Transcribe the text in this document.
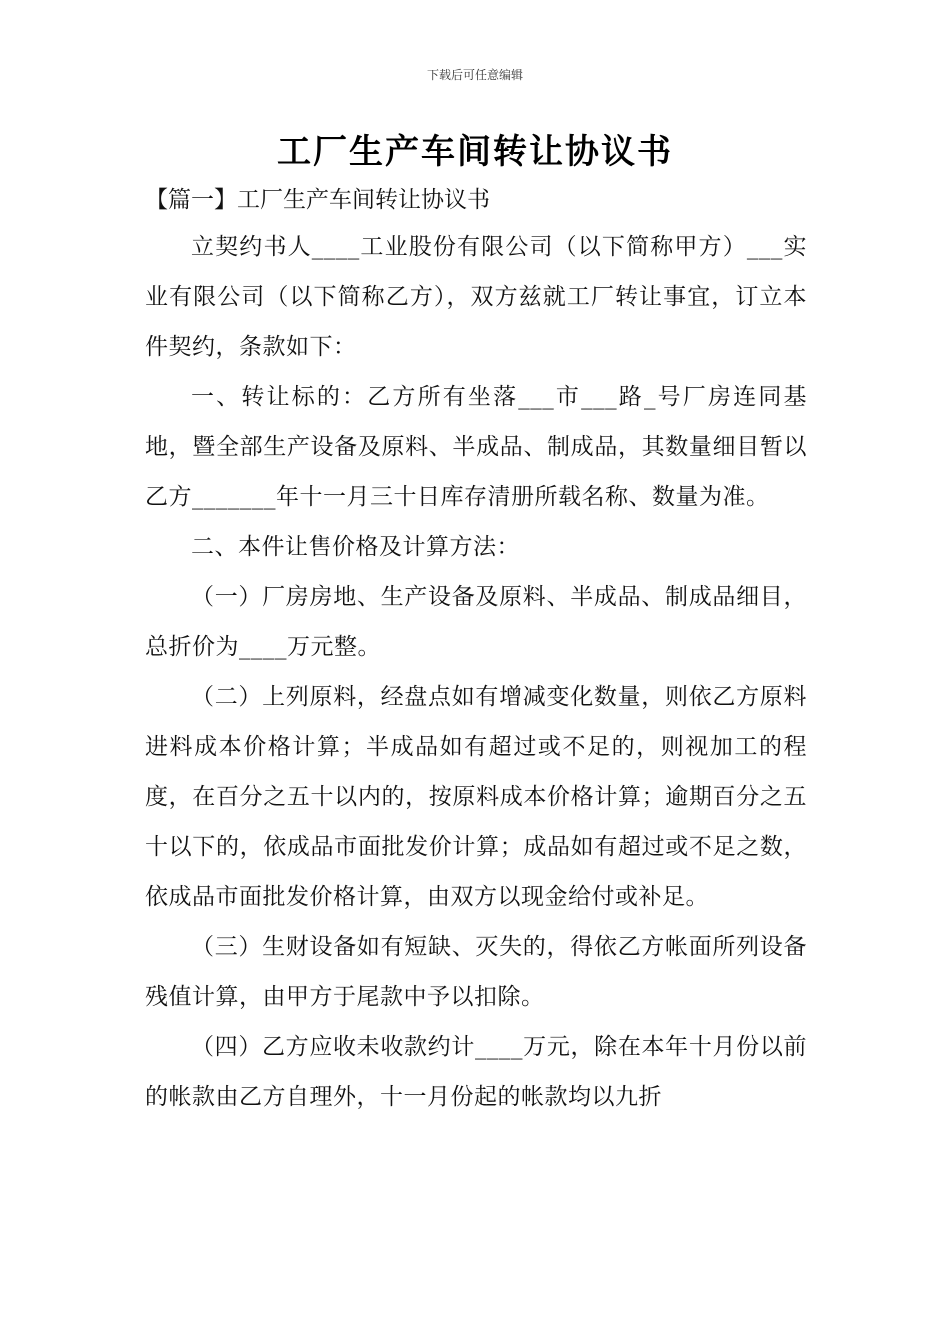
下载后可任意编辑
工厂生产车间转让协议书

【篇一】工厂生产车间转让协议书

立契约书人____工业股份有限公司（以下简称甲方）___实业有限公司（以下简称乙方），双方兹就工厂转让事宜，订立本件契约，条款如下：

一、转让标的：乙方所有坐落___市___路_号厂房连同基地，暨全部生产设备及原料、半成品、制成品，其数量细目暂以乙方_______年十一月三十日库存清册所载名称、数量为准。

二、本件让售价格及计算方法：

（一）厂房房地、生产设备及原料、半成品、制成品细目，总折价为____万元整。

（二）上列原料，经盘点如有增减变化数量，则依乙方原料进料成本价格计算；半成品如有超过或不足的，则视加工的程度，在百分之五十以内的，按原料成本价格计算；逾期百分之五十以下的，依成品市面批发价计算；成品如有超过或不足之数，依成品市面批发价格计算，由双方以现金给付或补足。

（三）生财设备如有短缺、灭失的，得依乙方帐面所列设备残值计算，由甲方于尾款中予以扣除。

（四）乙方应收未收款约计____万元，除在本年十月份以前的帐款由乙方自理外，十一月份起的帐款均以九折
